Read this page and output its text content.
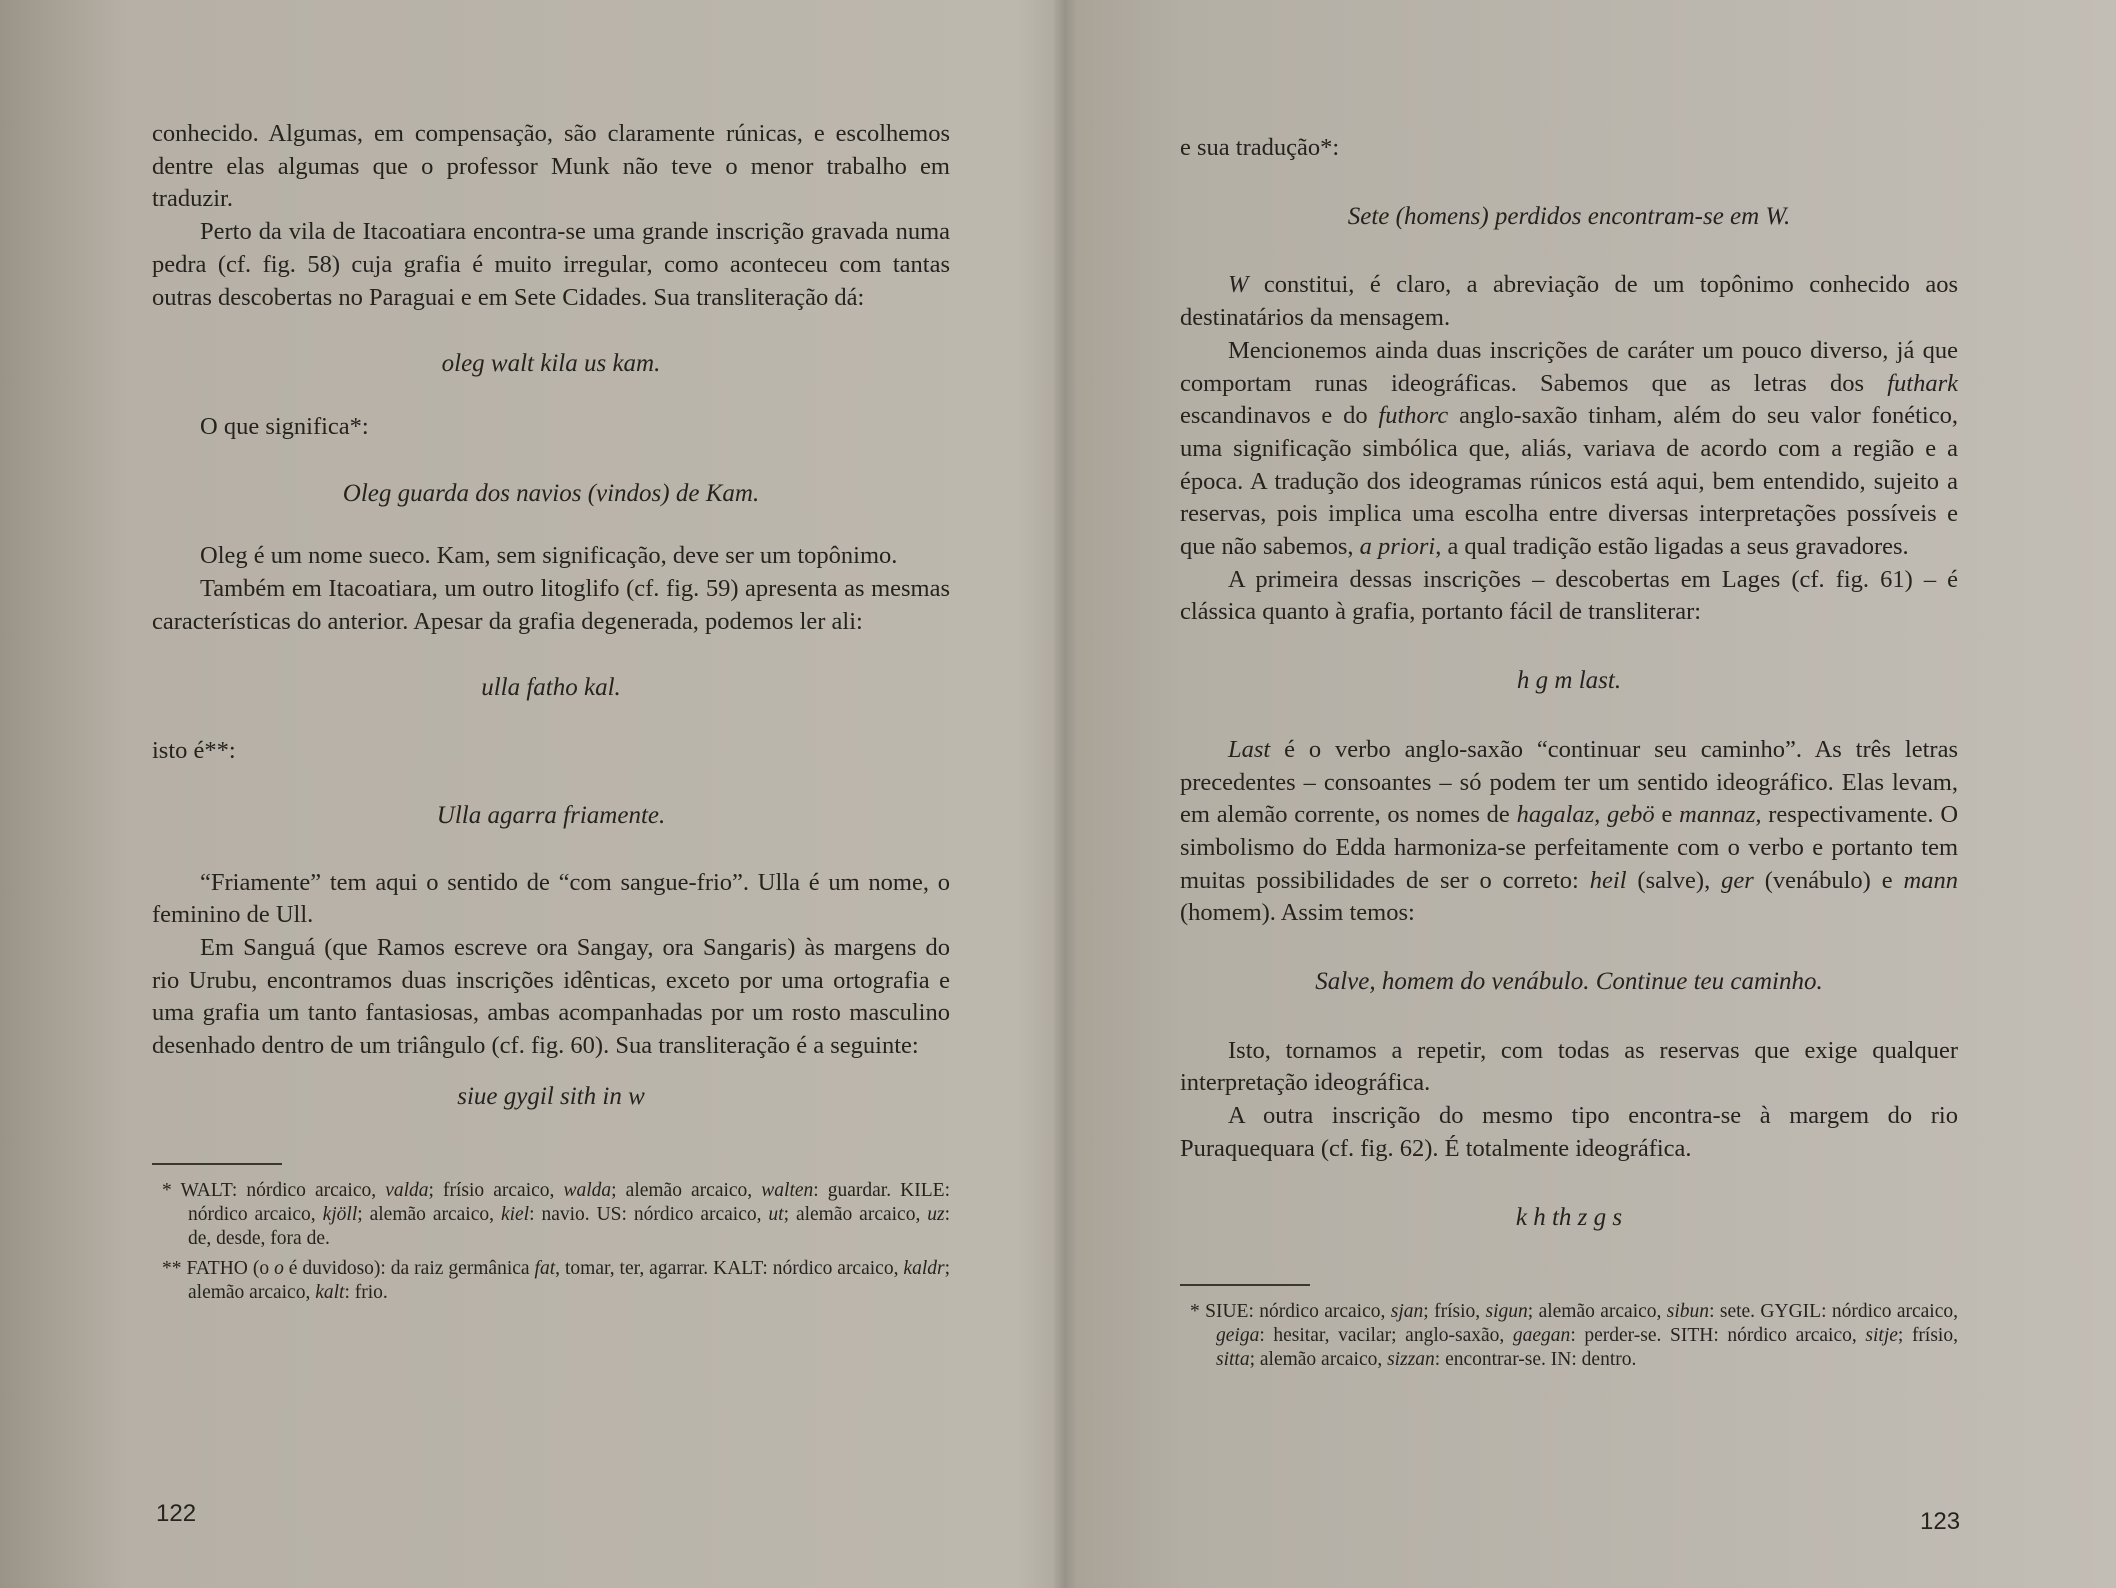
conhecido. Algumas, em compensação, são claramente rúnicas, e escolhemos dentre elas algumas que o professor Munk não teve o menor trabalho em traduzir.

Perto da vila de Itacoatiara encontra-se uma grande inscrição gravada numa pedra (cf. fig. 58) cuja grafia é muito irregular, como aconteceu com tantas outras descobertas no Paraguai e em Sete Cidades. Sua transliteração dá:

oleg walt kila us kam.

O que significa*:

Oleg guarda dos navios (vindos) de Kam.

Oleg é um nome sueco. Kam, sem significação, deve ser um topônimo.

Também em Itacoatiara, um outro litoglifo (cf. fig. 59) apresenta as mesmas características do anterior. Apesar da grafia degenerada, podemos ler ali:

ulla fatho kal.

isto é**:

Ulla agarra friamente.

“Friamente” tem aqui o sentido de “com sangue-frio”. Ulla é um nome, o feminino de Ull.

Em Sanguá (que Ramos escreve ora Sangay, ora Sangaris) às margens do rio Urubu, encontramos duas inscrições idênticas, exceto por uma ortografia e uma grafia um tanto fantasiosas, ambas acompanhadas por um rosto masculino desenhado dentro de um triângulo (cf. fig. 60). Sua transliteração é a seguinte:

siue gygil sith in w

* WALT: nórdico arcaico, valda; frísio arcaico, walda; alemão arcaico, walten: guardar. KILE: nórdico arcaico, kjöll; alemão arcaico, kiel: navio. US: nórdico arcaico, ut; alemão arcaico, uz: de, desde, fora de.

** FATHO (o o é duvidoso): da raiz germânica fat, tomar, ter, agarrar. KALT: nórdico arcaico, kaldr; alemão arcaico, kalt: frio.

122

e sua tradução*:

Sete (homens) perdidos encontram-se em W.

W constitui, é claro, a abreviação de um topônimo conhecido aos destinatários da mensagem.

Mencionemos ainda duas inscrições de caráter um pouco diverso, já que comportam runas ideográficas. Sabemos que as letras dos futhark escandinavos e do futhorc anglo-saxão tinham, além do seu valor fonético, uma significação simbólica que, aliás, variava de acordo com a região e a época. A tradução dos ideogramas rúnicos está aqui, bem entendido, sujeito a reservas, pois implica uma escolha entre diversas interpretações possíveis e que não sabemos, a priori, a qual tradição estão ligadas a seus gravadores.

A primeira dessas inscrições – descobertas em Lages (cf. fig. 61) – é clássica quanto à grafia, portanto fácil de transliterar:

h g m last.

Last é o verbo anglo-saxão “continuar seu caminho”. As três letras precedentes – consoantes – só podem ter um sentido ideográfico. Elas levam, em alemão corrente, os nomes de hagalaz, gebö e mannaz, respectivamente. O simbolismo do Edda harmoniza-se perfeitamente com o verbo e portanto tem muitas possibilidades de ser o correto: heil (salve), ger (venábulo) e mann (homem). Assim temos:

Salve, homem do venábulo. Continue teu caminho.

Isto, tornamos a repetir, com todas as reservas que exige qualquer interpretação ideográfica.

A outra inscrição do mesmo tipo encontra-se à margem do rio Puraquequara (cf. fig. 62). É totalmente ideográfica.

k h th z g s

* SIUE: nórdico arcaico, sjan; frísio, sigun; alemão arcaico, sibun: sete. GYGIL: nórdico arcaico, geiga: hesitar, vacilar; anglo-saxão, gaegan: perder-se. SITH: nórdico arcaico, sitje; frísio, sitta; alemão arcaico, sizzan: encontrar-se. IN: dentro.

123
